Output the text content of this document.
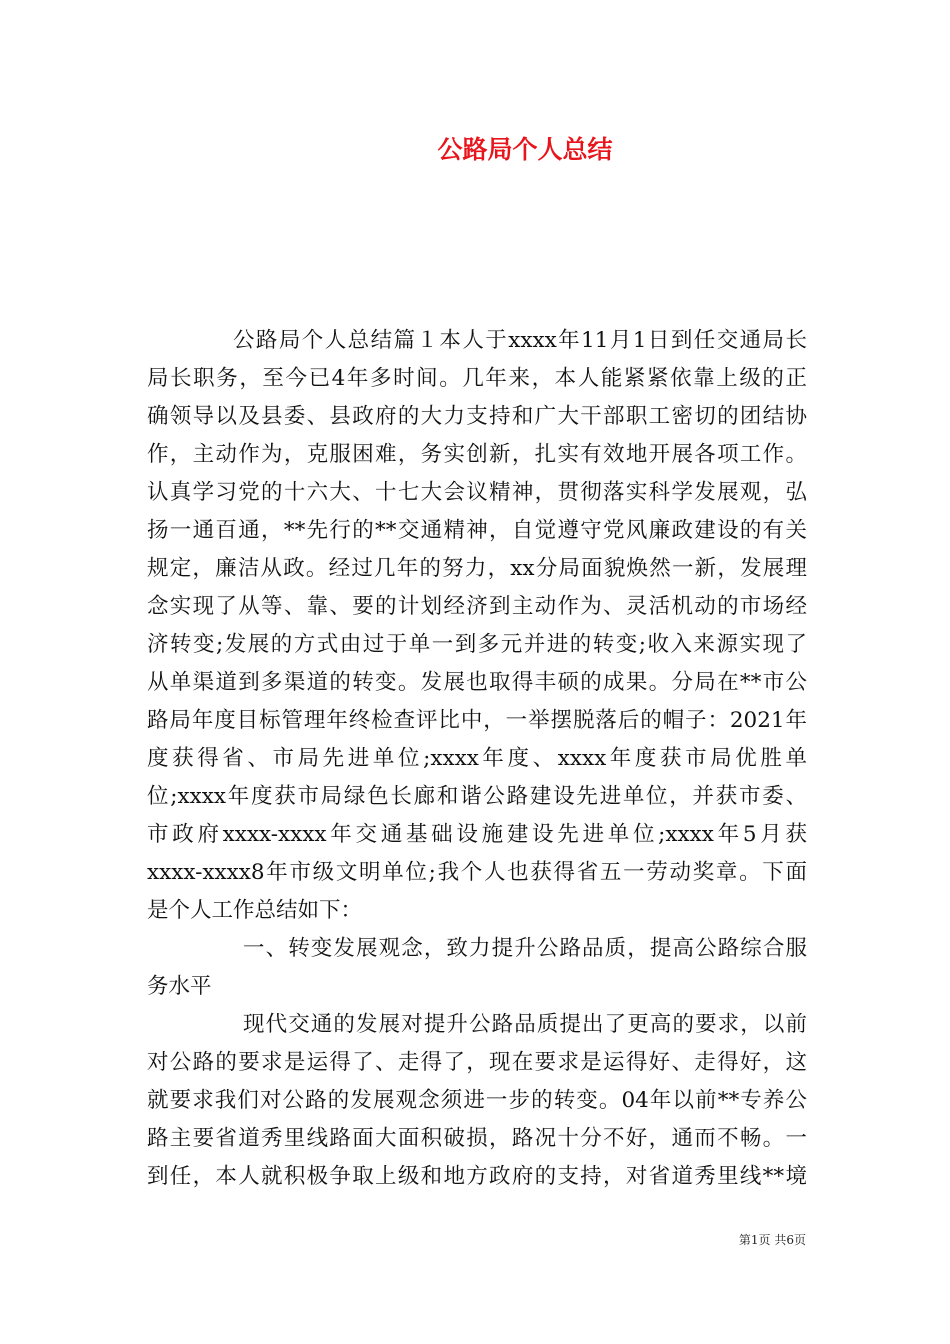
公路局个人总结
公路局个人总结篇１本人于xxxx年11月1日到任交通局长
局长职务，至今已4年多时间。几年来，本人能紧紧依靠上级的正
确领导以及县委、县政府的大力支持和广大干部职工密切的团结协
作，主动作为，克服困难，务实创新，扎实有效地开展各项工作。
认真学习党的十六大、十七大会议精神，贯彻落实科学发展观，弘
扬一通百通，**先行的**交通精神，自觉遵守党风廉政建设的有关
规定，廉洁从政。经过几年的努力，xx分局面貌焕然一新，发展理
念实现了从等、靠、要的计划经济到主动作为、灵活机动的市场经
济转变;发展的方式由过于单一到多元并进的转变;收入来源实现了
从单渠道到多渠道的转变。发展也取得丰硕的成果。分局在**市公
路局年度目标管理年终检查评比中，一举摆脱落后的帽子：2021年
度获得省、市局先进单位;xxxx年度、xxxx年度获市局优胜单
位;xxxx年度获市局绿色长廊和谐公路建设先进单位，并获市委、
市政府xxxx-xxxx年交通基础设施建设先进单位;xxxx年5月获
xxxx-xxxx8年市级文明单位;我个人也获得省五一劳动奖章。下面
是个人工作总结如下：
一、转变发展观念，致力提升公路品质，提高公路综合服
务水平
现代交通的发展对提升公路品质提出了更高的要求，以前
对公路的要求是运得了、走得了，现在要求是运得好、走得好，这
就要求我们对公路的发展观念须进一步的转变。04年以前**专养公
路主要省道秀里线路面大面积破损，路况十分不好，通而不畅。一
到任，本人就积极争取上级和地方政府的支持，对省道秀里线**境
第1页 共6页
